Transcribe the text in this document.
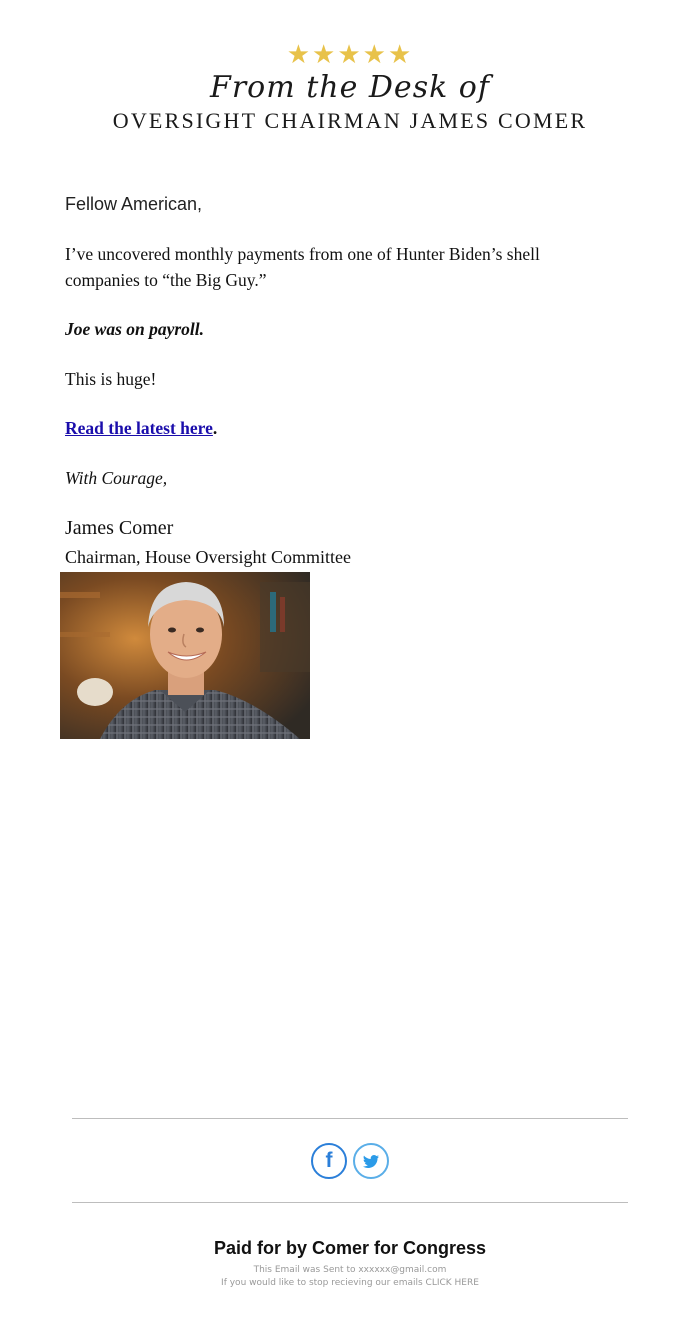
★★★★★
From the Desk of
OVERSIGHT CHAIRMAN JAMES COMER

Fellow American,

I’ve uncovered monthly payments from one of Hunter Biden’s shell companies to “the Big Guy.”

Joe was on payroll.

This is huge!

Read the latest here.

With Courage,

James Comer
Chairman, House Oversight Committee
f
Paid for by Comer for Congress
This Email was Sent to xxxxxx@gmail.com
If you would like to stop recieving our emails CLICK HERE
